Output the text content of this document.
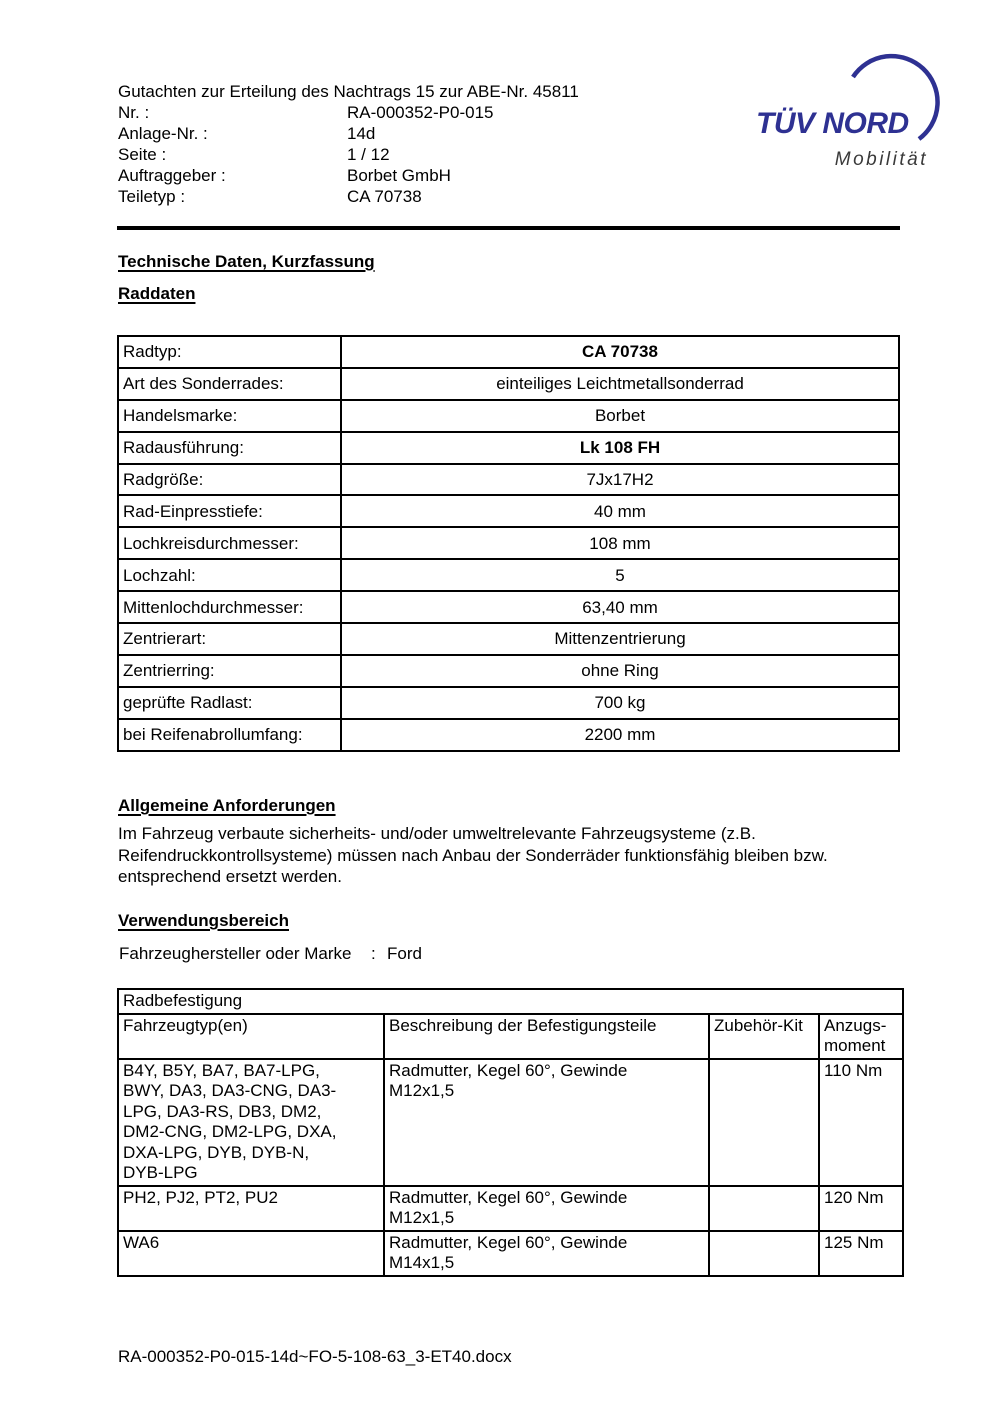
Gutachten zur Erteilung des Nachtrags 15 zur ABE-Nr. 45811
Nr. :	RA-000352-P0-015
Anlage-Nr. :	14d
Seite :	1 / 12
Auftraggeber :	Borbet GmbH
Teiletyp :	CA 70738
TÜV NORD
Mobilität
Technische Daten, Kurzfassung
Raddaten
Radtyp:	CA 70738
Art des Sonderrades:	einteiliges Leichtmetallsonderrad
Handelsmarke:	Borbet
Radausführung:	Lk 108 FH
Radgröße:	7Jx17H2
Rad-Einpresstiefe:	40 mm
Lochkreisdurchmesser:	108 mm
Lochzahl:	5
Mittenlochdurchmesser:	63,40 mm
Zentrierart:	Mittenzentrierung
Zentrierring:	ohne Ring
geprüfte Radlast:	700 kg
bei Reifenabrollumfang:	2200 mm
Allgemeine Anforderungen

Im Fahrzeug verbaute sicherheits- und/oder umweltrelevante Fahrzeugsysteme (z.B. Reifendruckkontrollsysteme) müssen nach Anbau der Sonderräder funktionsfähig bleiben bzw. entsprechend ersetzt werden.

Verwendungsbereich
Fahrzeughersteller oder Marke	: Ford
Radbefestigung			
Fahrzeugtyp(en)	Beschreibung der Befestigungsteile	Zubehör-Kit	Anzugs-moment

B4Y, B5Y, BA7, BA7-LPG, BWY, DA3, DA3-CNG, DA3-LPG, DA3-RS, DB3, DM2, DM2-CNG, DM2-LPG, DXA, DXA-LPG, DYB, DYB-N, DYB-LPG	Radmutter, Kegel 60°, Gewinde M12x1,5		110 Nm

PH2, PJ2, PT2, PU2	Radmutter, Kegel 60°, Gewinde M12x1,5		120 Nm

WA6	Radmutter, Kegel 60°, Gewinde M14x1,5		125 Nm
RA-000352-P0-015-14d~FO-5-108-63_3-ET40.docx
